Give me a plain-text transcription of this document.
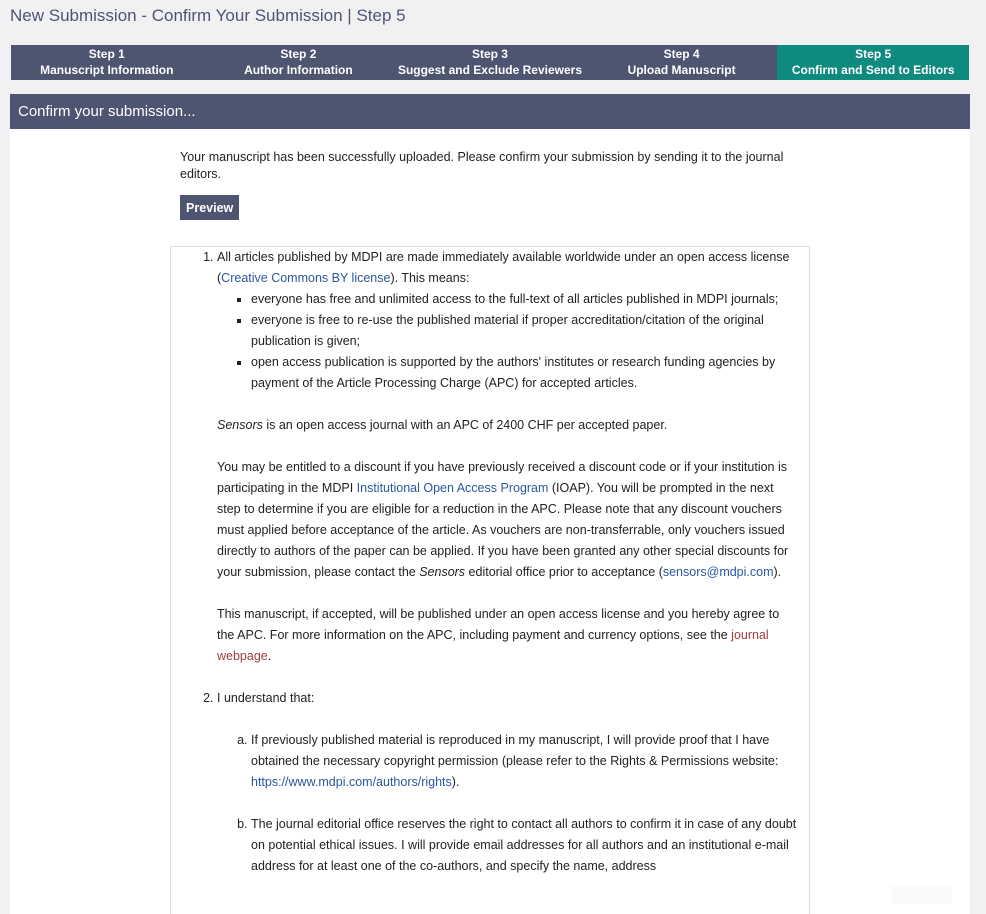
New Submission - Confirm Your Submission | Step 5
Step 1
Manuscript Information
Step 2
Author Information
Step 3
Suggest and Exclude Reviewers
Step 4
Upload Manuscript
Step 5
Confirm and Send to Editors
Confirm your submission...

Your manuscript has been successfully uploaded. Please confirm your submission by sending it to the journal editors.

Preview

1. All articles published by MDPI are made immediately available worldwide under an open access license (Creative Commons BY license). This means:

▪ everyone has free and unlimited access to the full-text of all articles published in MDPI journals;
▪ everyone is free to re-use the published material if proper accreditation/citation of the original publication is given;
▪ open access publication is supported by the authors' institutes or research funding agencies by payment of the Article Processing Charge (APC) for accepted articles.

Sensors is an open access journal with an APC of 2400 CHF per accepted paper.

You may be entitled to a discount if you have previously received a discount code or if your institution is participating in the MDPI Institutional Open Access Program (IOAP). You will be prompted in the next step to determine if you are eligible for a reduction in the APC. Please note that any discount vouchers must applied before acceptance of the article. As vouchers are non-transferrable, only vouchers issued directly to authors of the paper can be applied. If you have been granted any other special discounts for your submission, please contact the Sensors editorial office prior to acceptance (sensors@mdpi.com).

This manuscript, if accepted, will be published under an open access license and you hereby agree to the APC. For more information on the APC, including payment and currency options, see the journal webpage.

2. I understand that:

a. If previously published material is reproduced in my manuscript, I will provide proof that I have obtained the necessary copyright permission (please refer to the Rights & Permissions website: https://www.mdpi.com/authors/rights).
b. The journal editorial office reserves the right to contact all authors to confirm it in case of any doubt on potential ethical issues. I will provide email addresses for all authors and an institutional e-mail address for at least one of the co-authors, and specify the name, address
